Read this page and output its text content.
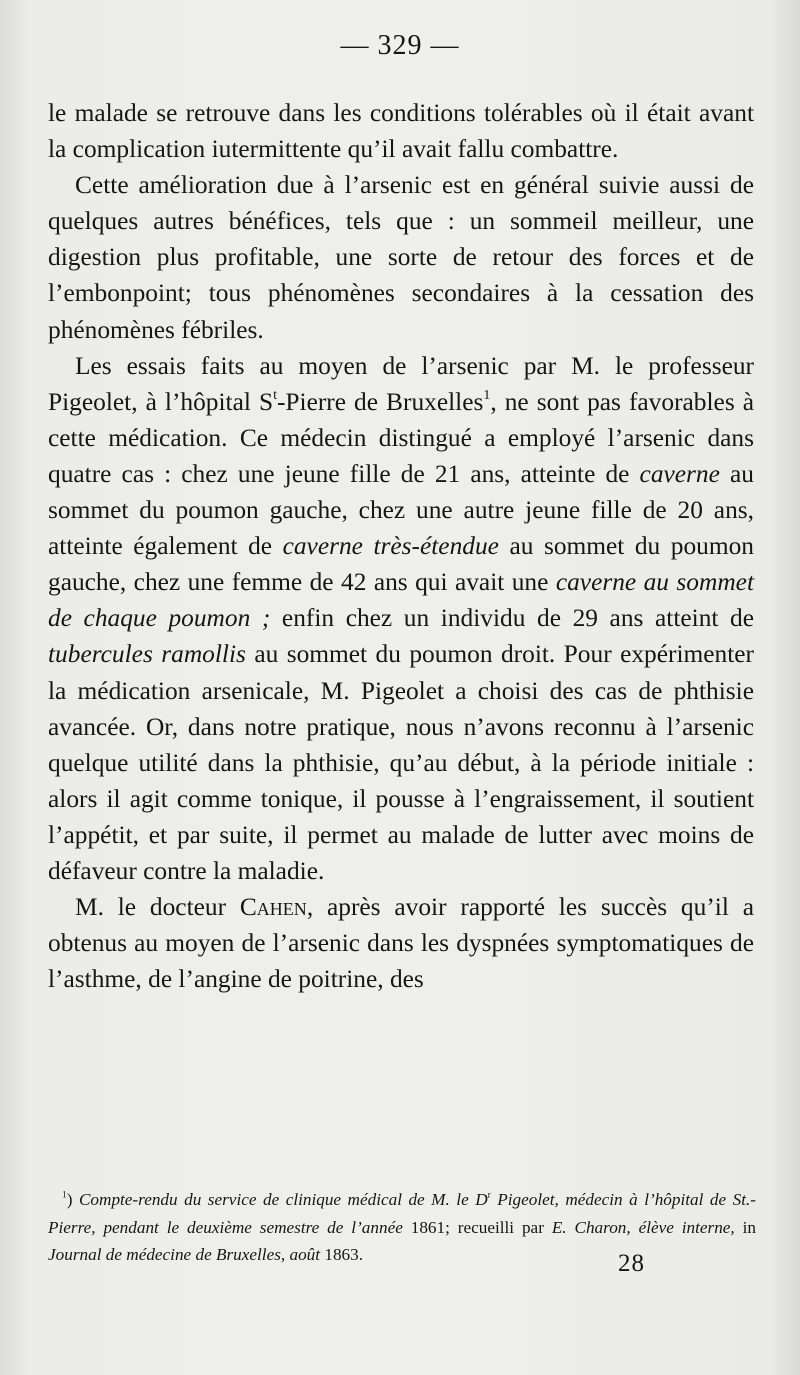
— 329 —

le malade se retrouve dans les conditions tolérables où il était avant la complication iutermittente qu’il avait fallu combattre.

Cette amélioration due à l’arsenic est en général suivie aussi de quelques autres bénéfices, tels que : un sommeil meilleur, une digestion plus profitable, une sorte de retour des forces et de l’embonpoint; tous phénomènes secondaires à la cessation des phénomènes fébriles.

Les essais faits au moyen de l’arsenic par M. le professeur Pigeolet, à l’hôpital $S^t$-Pierre de Bruxelles$^1$, ne sont pas favorables à cette médication. Ce médecin distingué a employé l’arsenic dans quatre cas : chez une jeune fille de 21 ans, atteinte de caverne au sommet du poumon gauche, chez une autre jeune fille de 20 ans, atteinte également de caverne très-étendue au sommet du poumon gauche, chez une femme de 42 ans qui avait une caverne au sommet de chaque poumon ; enfin chez un individu de 29 ans atteint de tubercules ramollis au sommet du poumon droit. Pour expérimenter la médication arsenicale, M. Pigeolet a choisi des cas de phthisie avancée. Or, dans notre pratique, nous n’avons reconnu à l’arsenic quelque utilité dans la phthisie, qu’au début, à la période initiale : alors il agit comme tonique, il pousse à l’engraissement, il soutient l’appétit, et par suite, il permet au malade de lutter avec moins de défaveur contre la maladie.

M. le docteur Cahen, après avoir rapporté les succès qu’il a obtenus au moyen de l’arsenic dans les dyspnées symptomatiques de l’asthme, de l’angine de poitrine, des

$^1$) Compte-rendu du service de clinique médical de M. le $D^r$ Pigeolet, médecin à l’hôpital de St.-Pierre, pendant le deuxième semestre de l’année 1861; recueilli par E. Charon, élève interne, in Journal de médecine de Bruxelles, août 1863.	28
